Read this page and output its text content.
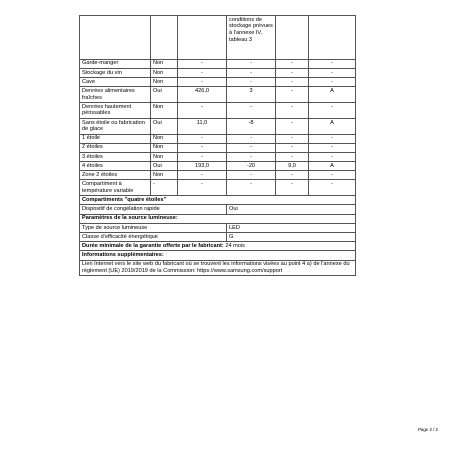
			conditions de stockage prévues à l'annexe IV, tableau 3		
Garde-manger	Non	-	-	-	-
Stockage du vin	Non	-	-	-	-
Cave	Non	-	-	-	-
Denrées alimentaires fraîches	Oui	426,0	3	-	A
Denrées hautement périssables	Non	-	-	-	-
Sans étoile ou fabrication de glace	Oui	11,0	-8	-	A
1 étoile	Non	-	-	-	-
2 étoiles	Non	-	-	-	-
3 étoiles	Non	-	-	-	-
4 étoiles	Oui	193,0	-20	9,0	A
Zone 2 étoiles	Non	-	-	-	-
Compartiment à température variable	-	-	-	-	-
Compartiments "quatre étoiles"					
Dispositif de congélation rapide			Oui		
Paramètres de la source lumineuse:					
Type de source lumineuse			LED		
Classe d'efficacité énergétique			G		
Durée minimale de la garantie offerte par le fabricant: 24 mois					
Informations supplémentaires:					
Lien Internet vers le site web du fabricant où se trouvent les informations visées au point 4 a) de l'annexe du règlement (UE) 2019/2019 de la Commission: https://www.samsung.com/support					
Page 2 / 2
